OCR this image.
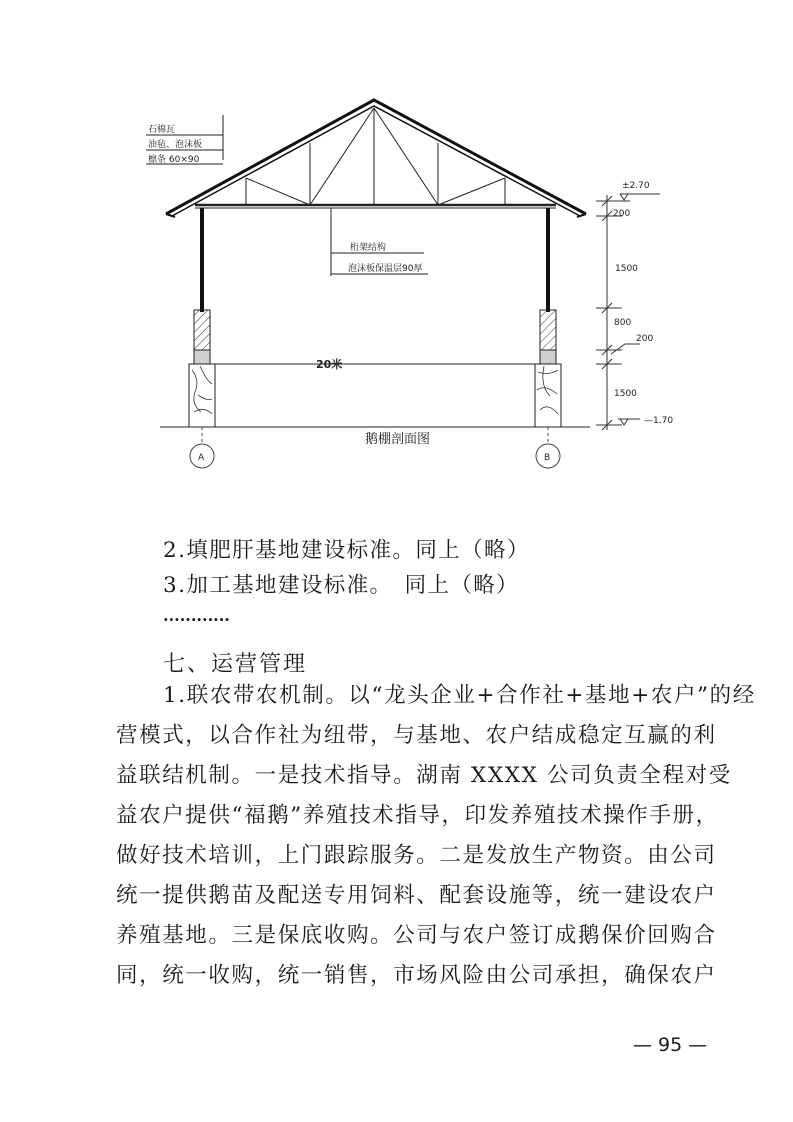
石棉瓦
油毡、泡沫板
檩条 60×90
桁架结构
泡沫板保温层90厚
20米
鹅棚剖面图
A	B
±2.70
200
1500
800
200
1500
—1.70
2.填肥肝基地建设标准。同上（略）
3.加工基地建设标准。　同上（略）
............
七、运营管理
1.联农带农机制。以“龙头企业+合作社+基地+农户”的经
营模式，以合作社为纽带，与基地、农户结成稳定互赢的利
益联结机制。一是技术指导。湖南 XXXX 公司负责全程对受
益农户提供“福鹅”养殖技术指导，印发养殖技术操作手册，
做好技术培训，上门跟踪服务。二是发放生产物资。由公司
统一提供鹅苗及配送专用饲料、配套设施等，统一建设农户
养殖基地。三是保底收购。公司与农户签订成鹅保价回购合
同，统一收购，统一销售，市场风险由公司承担，确保农户
— 95 —
